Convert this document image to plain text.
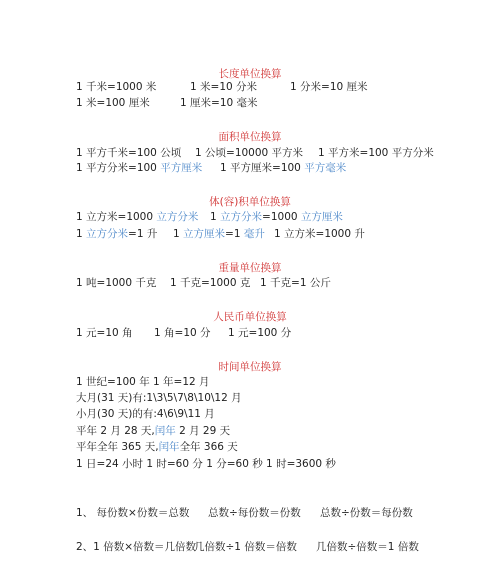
长度单位换算
1 千米=1000 米	1 米=10 分米	1 分米=10 厘米
1 米=100 厘米	1 厘米=10 毫米
面积单位换算
1 平方千米=100 公顷 1 公顷=10000 平方米 1 平方米=100 平方分米
1 平方分米=100 平方厘米 1 平方厘米=100 平方毫米
体(容)积单位换算
1 立方米=1000 立方分米 1 立方分米=1000 立方厘米
1 立方分米=1 升 1 立方厘米=1 毫升 1 立方米=1000 升
重量单位换算
1 吨=1000 千克 1 千克=1000 克 1 千克=1 公斤
人民币单位换算
1 元=10 角 1 角=10 分 1 元=100 分
时间单位换算
1 世纪=100 年 1 年=12 月
大月(31 天)有:1\3\5\7\8\10\12 月
小月(30 天)的有:4\6\9\11 月
平年 2 月 28 天,闰年 2 月 29 天
平年全年 365 天,闰年全年 366 天
1 日=24 小时 1 时=60 分 1 分=60 秒 1 时=3600 秒
1、 每份数×份数＝总数 总数÷每份数＝份数 总数÷份数＝每份数
2、1 倍数×倍数＝几倍数
几倍数÷1 倍数＝倍数 几倍数÷倍数＝1 倍数
